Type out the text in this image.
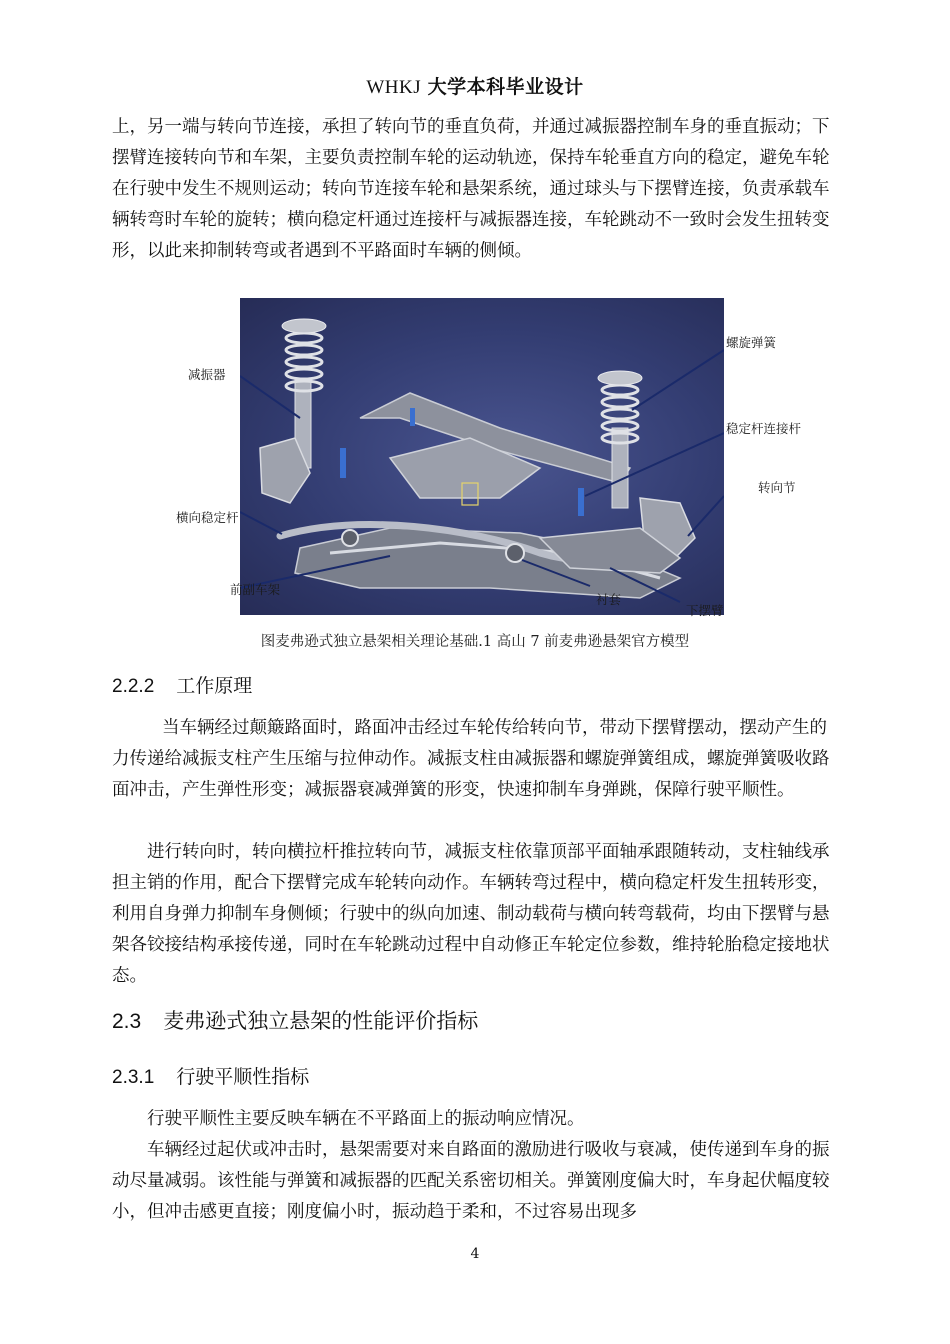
WHKJ 大学本科毕业设计

上，另一端与转向节连接，承担了转向节的垂直负荷，并通过减振器控制车身的垂直振动；下摆臂连接转向节和车架，主要负责控制车轮的运动轨迹，保持车轮垂直方向的稳定，避免车轮在行驶中发生不规则运动；转向节连接车轮和悬架系统，通过球头与下摆臂连接，负责承载车辆转弯时车轮的旋转；横向稳定杆通过连接杆与减振器连接，车轮跳动不一致时会发生扭转变形，以此来抑制转弯或者遇到不平路面时车辆的侧倾。

减振器
螺旋弹簧
稳定杆连接杆
转向节
横向稳定杆
前副车架
衬套
下摆臂
图麦弗逊式独立悬架相关理论基础.1 高山 7 前麦弗逊悬架官方模型
2.2.2 工作原理

当车辆经过颠簸路面时，路面冲击经过车轮传给转向节，带动下摆臂摆动，摆动产生的力传递给减振支柱产生压缩与拉伸动作。减振支柱由减振器和螺旋弹簧组成，螺旋弹簧吸收路面冲击，产生弹性形变；减振器衰减弹簧的形变，快速抑制车身弹跳，保障行驶平顺性。

进行转向时，转向横拉杆推拉转向节，减振支柱依靠顶部平面轴承跟随转动，支柱轴线承担主销的作用，配合下摆臂完成车轮转向动作。车辆转弯过程中，横向稳定杆发生扭转形变，利用自身弹力抑制车身侧倾；行驶中的纵向加速、制动载荷与横向转弯载荷，均由下摆臂与悬架各铰接结构承接传递，同时在车轮跳动过程中自动修正车轮定位参数，维持轮胎稳定接地状态。

2.3 麦弗逊式独立悬架的性能评价指标
2.3.1 行驶平顺性指标

行驶平顺性主要反映车辆在不平路面上的振动响应情况。

车辆经过起伏或冲击时，悬架需要对来自路面的激励进行吸收与衰减，使传递到车身的振动尽量减弱。该性能与弹簧和减振器的匹配关系密切相关。弹簧刚度偏大时，车身起伏幅度较小，但冲击感更直接；刚度偏小时，振动趋于柔和，不过容易出现多

4
